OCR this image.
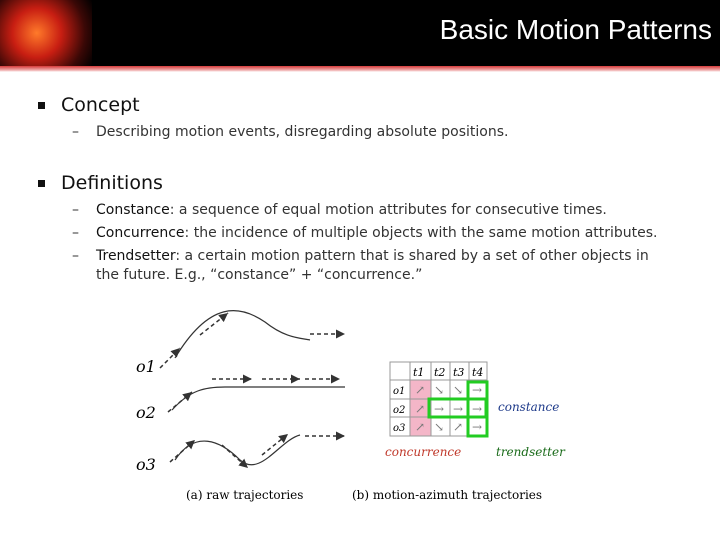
Basic Motion Patterns
Concept
– Describing motion events, disregarding absolute positions.
Definitions
– Constance: a sequence of equal motion attributes for consecutive times.
– Concurrence: the incidence of multiple objects with the same motion attributes.
– Trendsetter: a certain motion pattern that is shared by a set of other objects in
the future. E.g., “constance” + “concurrence.”
o1
o2
o3
(a) raw trajectories
t1 t2 t3 t4
o1
o2
o3
↗ ↘ ↘ →
↗ → → →
↗ ↘ ↗ →
constance
concurrence	trendsetter
(b) motion-azimuth trajectories
